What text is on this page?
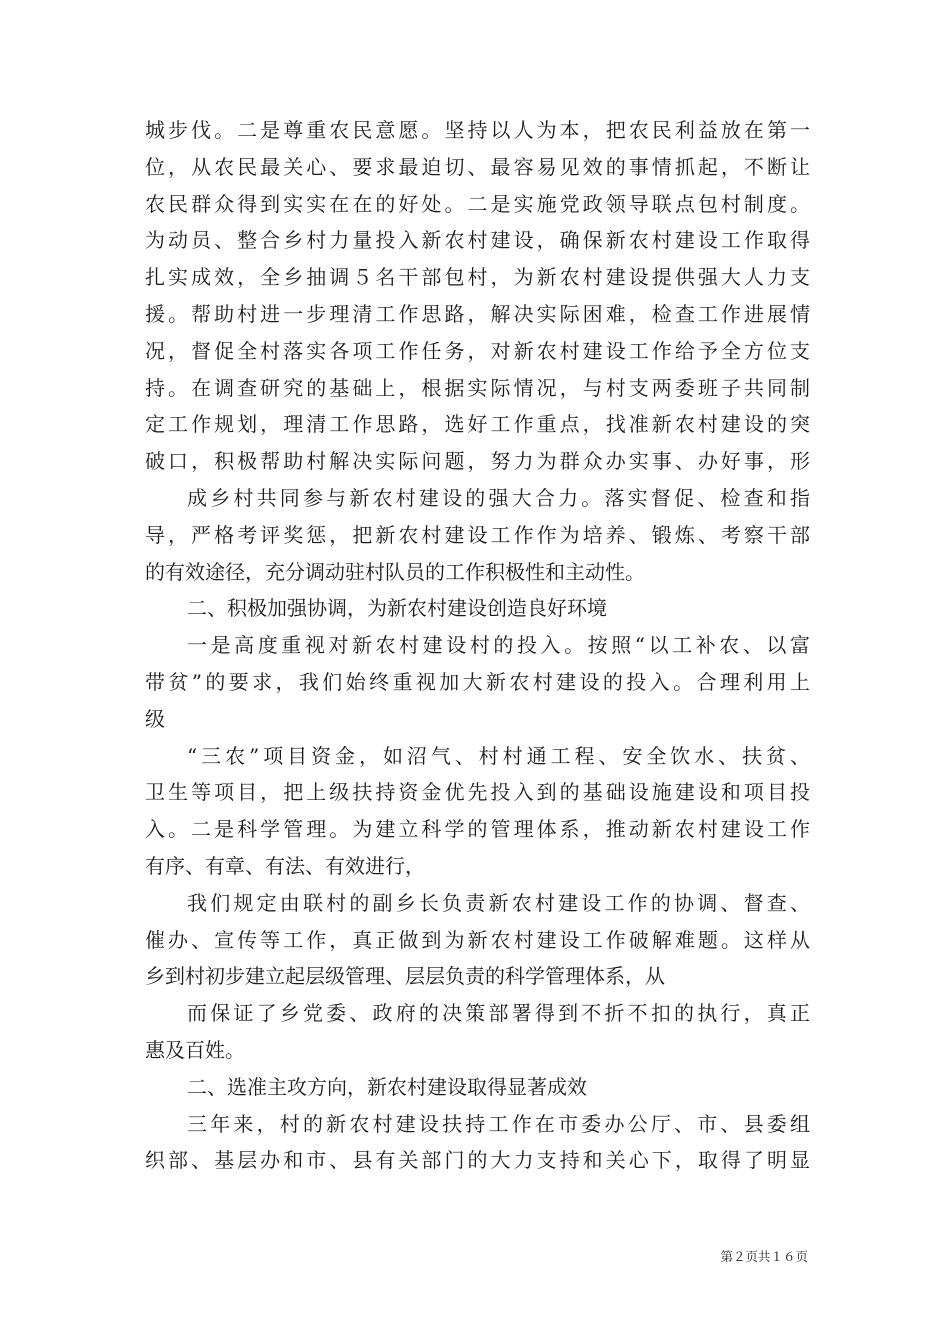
城步伐。二是尊重农民意愿。坚持以人为本，把农民利益放在第一
位，从农民最关心、要求最迫切、最容易见效的事情抓起，不断让
农民群众得到实实在在的好处。二是实施党政领导联点包村制度。
为动员、整合乡村力量投入新农村建设，确保新农村建设工作取得
扎实成效，全乡抽调５名干部包村，为新农村建设提供强大人力支
援。帮助村进一步理清工作思路，解决实际困难，检查工作进展情
况，督促全村落实各项工作任务，对新农村建设工作给予全方位支
持。在调查研究的基础上，根据实际情况，与村支两委班子共同制
定工作规划，理清工作思路，选好工作重点，找准新农村建设的突
破口，积极帮助村解决实际问题，努力为群众办实事、办好事，形
成乡村共同参与新农村建设的强大合力。落实督促、检查和指
导，严格考评奖惩，把新农村建设工作作为培养、锻炼、考察干部
的有效途径，充分调动驻村队员的工作积极性和主动性。
二、积极加强协调，为新农村建设创造良好环境
一是高度重视对新农村建设村的投入。按照“以工补农、以富
带贫”的要求，我们始终重视加大新农村建设的投入。合理利用上
级
“三农”项目资金，如沼气、村村通工程、安全饮水、扶贫、
卫生等项目，把上级扶持资金优先投入到的基础设施建设和项目投
入。二是科学管理。为建立科学的管理体系，推动新农村建设工作
有序、有章、有法、有效进行，
我们规定由联村的副乡长负责新农村建设工作的协调、督查、
催办、宣传等工作，真正做到为新农村建设工作破解难题。这样从
乡到村初步建立起层级管理、层层负责的科学管理体系，从
而保证了乡党委、政府的决策部署得到不折不扣的执行，真正
惠及百姓。
二、选准主攻方向，新农村建设取得显著成效
三年来，村的新农村建设扶持工作在市委办公厅、市、县委组
织部、基层办和市、县有关部门的大力支持和关心下，取得了明显
第２页共１６页
